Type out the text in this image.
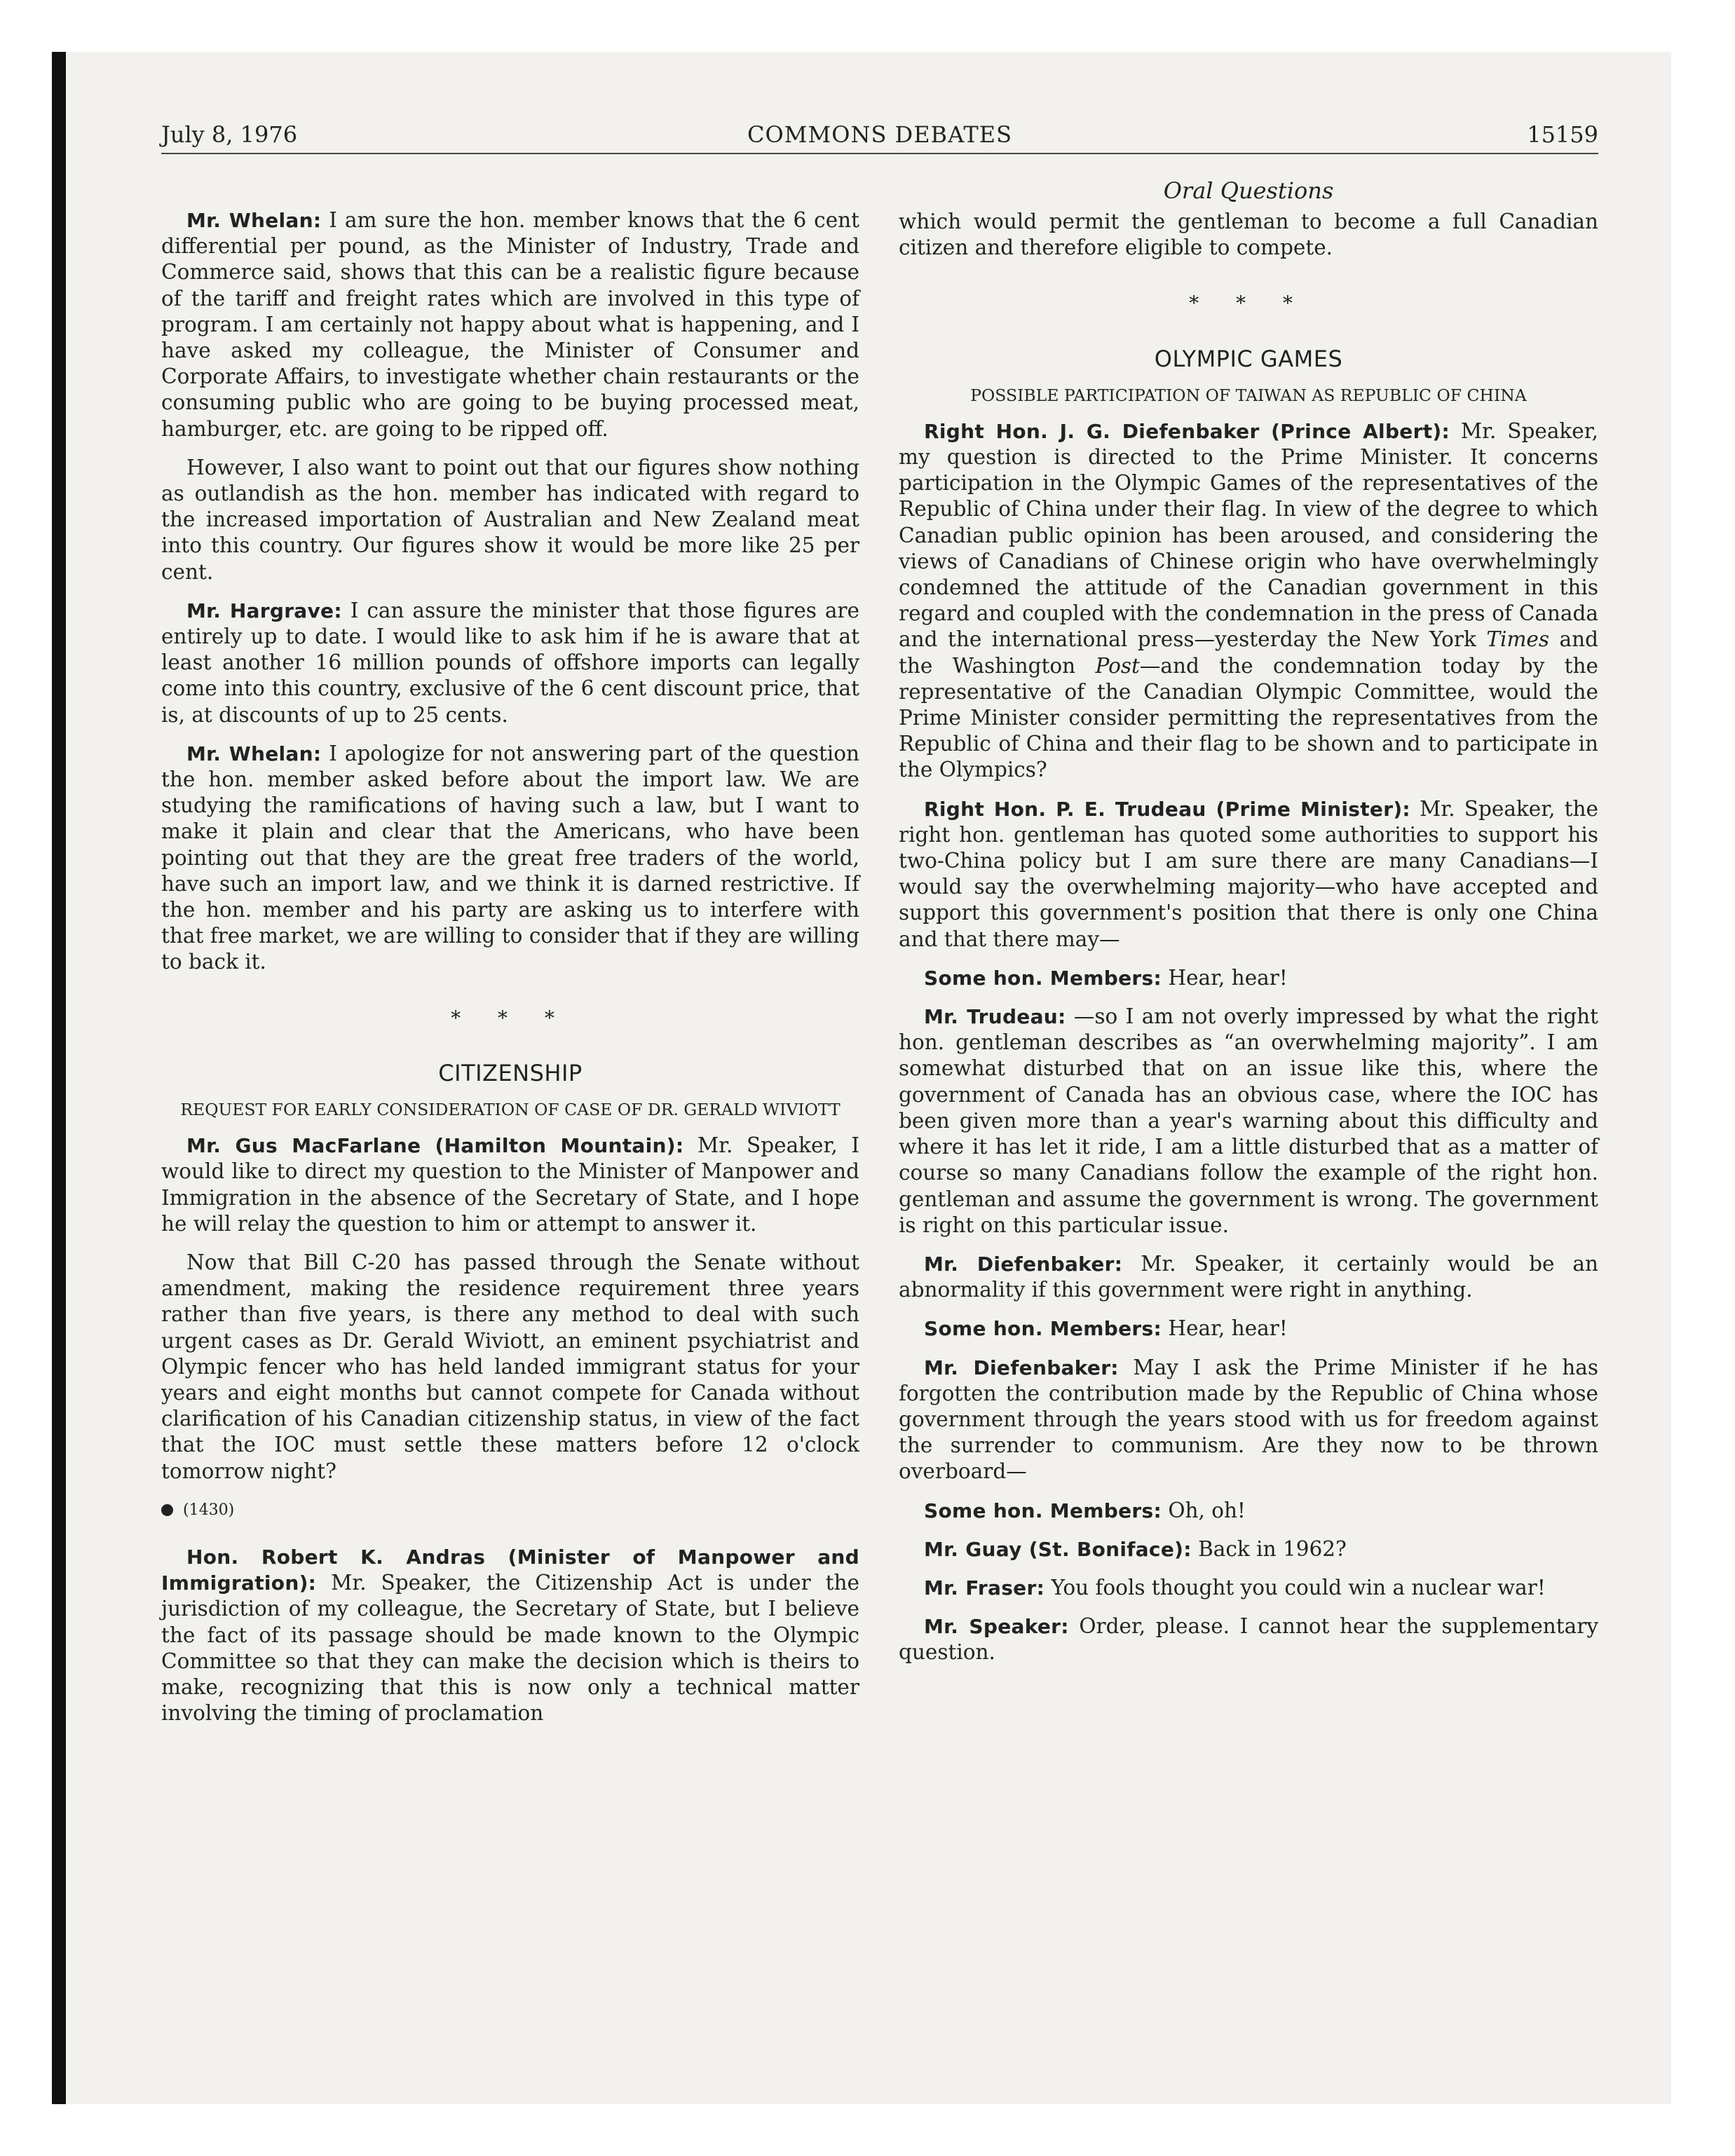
July 8, 1976	COMMONS DEBATES	15159

Mr. Whelan: I am sure the hon. member knows that the 6 cent differential per pound, as the Minister of Industry, Trade and Commerce said, shows that this can be a realistic figure because of the tariff and freight rates which are involved in this type of program. I am certainly not happy about what is happening, and I have asked my colleague, the Minister of Consumer and Corporate Affairs, to investigate whether chain restaurants or the consuming public who are going to be buying processed meat, hamburger, etc. are going to be ripped off.

However, I also want to point out that our figures show nothing as outlandish as the hon. member has indicated with regard to the increased importation of Australian and New Zealand meat into this country. Our figures show it would be more like 25 per cent.

Mr. Hargrave: I can assure the minister that those figures are entirely up to date. I would like to ask him if he is aware that at least another 16 million pounds of offshore imports can legally come into this country, exclusive of the 6 cent discount price, that is, at discounts of up to 25 cents.

Mr. Whelan: I apologize for not answering part of the question the hon. member asked before about the import law. We are studying the ramifications of having such a law, but I want to make it plain and clear that the Americans, who have been pointing out that they are the great free traders of the world, have such an import law, and we think it is darned restrictive. If the hon. member and his party are asking us to interfere with that free market, we are willing to consider that if they are willing to back it.

* * *
CITIZENSHIP
REQUEST FOR EARLY CONSIDERATION OF CASE OF DR. GERALD WIVIOTT

Mr. Gus MacFarlane (Hamilton Mountain): Mr. Speaker, I would like to direct my question to the Minister of Manpower and Immigration in the absence of the Secretary of State, and I hope he will relay the question to him or attempt to answer it.

Now that Bill C-20 has passed through the Senate without amendment, making the residence requirement three years rather than five years, is there any method to deal with such urgent cases as Dr. Gerald Wiviott, an eminent psychiatrist and Olympic fencer who has held landed immigrant status for your years and eight months but cannot compete for Canada without clarification of his Canadian citizenship status, in view of the fact that the IOC must settle these matters before 12 o'clock tomorrow night?

(1430)

Hon. Robert K. Andras (Minister of Manpower and Immigration): Mr. Speaker, the Citizenship Act is under the jurisdiction of my colleague, the Secretary of State, but I believe the fact of its passage should be made known to the Olympic Committee so that they can make the decision which is theirs to make, recognizing that this is now only a technical matter involving the timing of proclamation

Oral Questions

which would permit the gentleman to become a full Canadian citizen and therefore eligible to compete.

* * *
OLYMPIC GAMES
POSSIBLE PARTICIPATION OF TAIWAN AS REPUBLIC OF CHINA

Right Hon. J. G. Diefenbaker (Prince Albert): Mr. Speaker, my question is directed to the Prime Minister. It concerns participation in the Olympic Games of the representatives of the Republic of China under their flag. In view of the degree to which Canadian public opinion has been aroused, and considering the views of Canadians of Chinese origin who have overwhelmingly condemned the attitude of the Canadian government in this regard and coupled with the condemnation in the press of Canada and the international press—yesterday the New York Times and the Washington Post—and the condemnation today by the representative of the Canadian Olympic Committee, would the Prime Minister consider permitting the representatives from the Republic of China and their flag to be shown and to participate in the Olympics?

Right Hon. P. E. Trudeau (Prime Minister): Mr. Speaker, the right hon. gentleman has quoted some authorities to support his two-China policy but I am sure there are many Canadians—I would say the overwhelming majority—who have accepted and support this government's position that there is only one China and that there may—

Some hon. Members: Hear, hear!

Mr. Trudeau: —so I am not overly impressed by what the right hon. gentleman describes as “an overwhelming majority”. I am somewhat disturbed that on an issue like this, where the government of Canada has an obvious case, where the IOC has been given more than a year's warning about this difficulty and where it has let it ride, I am a little disturbed that as a matter of course so many Canadians follow the example of the right hon. gentleman and assume the government is wrong. The government is right on this particular issue.

Mr. Diefenbaker: Mr. Speaker, it certainly would be an abnormality if this government were right in anything.

Some hon. Members: Hear, hear!

Mr. Diefenbaker: May I ask the Prime Minister if he has forgotten the contribution made by the Republic of China whose government through the years stood with us for freedom against the surrender to communism. Are they now to be thrown overboard—

Some hon. Members: Oh, oh!

Mr. Guay (St. Boniface): Back in 1962?

Mr. Fraser: You fools thought you could win a nuclear war!

Mr. Speaker: Order, please. I cannot hear the supplementary question.
